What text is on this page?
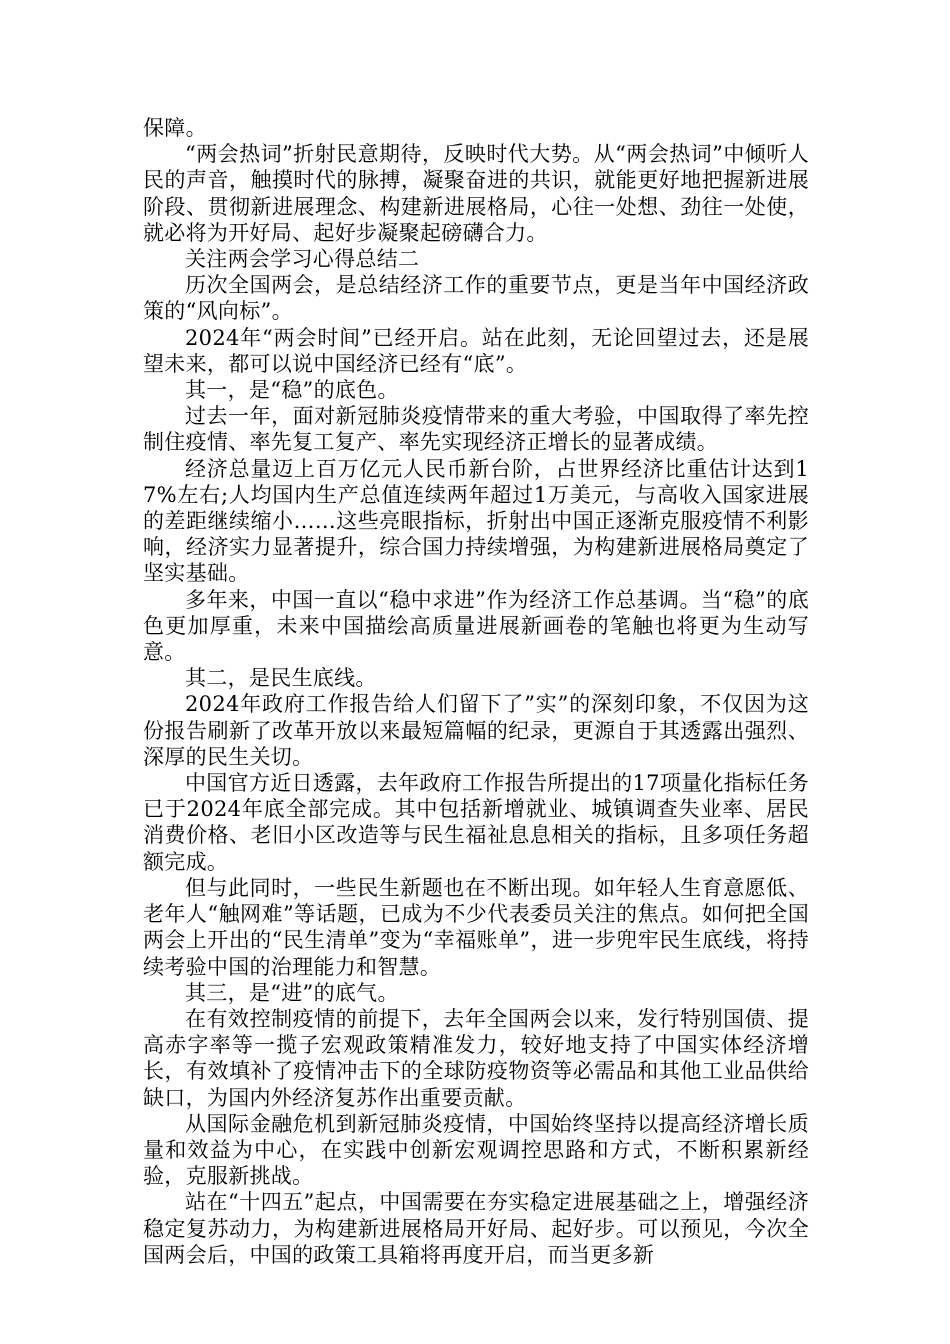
保障。

“两会热词”折射民意期待，反映时代大势。从“两会热词”中倾听人民的声音，触摸时代的脉搏，凝聚奋进的共识，就能更好地把握新进展阶段、贯彻新进展理念、构建新进展格局，心往一处想、劲往一处使，就必将为开好局、起好步凝聚起磅礴合力。

关注两会学习心得总结二

历次全国两会，是总结经济工作的重要节点，更是当年中国经济政策的“风向标”。

2024年“两会时间”已经开启。站在此刻，无论回望过去，还是展望未来，都可以说中国经济已经有“底”。

其一，是“稳”的底色。

过去一年，面对新冠肺炎疫情带来的重大考验，中国取得了率先控制住疫情、率先复工复产、率先实现经济正增长的显著成绩。

经济总量迈上百万亿元人民币新台阶，占世界经济比重估计达到17%左右;人均国内生产总值连续两年超过1万美元，与高收入国家进展的差距继续缩小……这些亮眼指标，折射出中国正逐渐克服疫情不利影响，经济实力显著提升，综合国力持续增强，为构建新进展格局奠定了坚实基础。

多年来，中国一直以“稳中求进”作为经济工作总基调。当“稳”的底色更加厚重，未来中国描绘高质量进展新画卷的笔触也将更为生动写意。

其二，是民生底线。

2024年政府工作报告给人们留下了”实”的深刻印象，不仅因为这份报告刷新了改革开放以来最短篇幅的纪录，更源自于其透露出强烈、深厚的民生关切。

中国官方近日透露，去年政府工作报告所提出的17项量化指标任务已于2024年底全部完成。其中包括新增就业、城镇调查失业率、居民消费价格、老旧小区改造等与民生福祉息息相关的指标，且多项任务超额完成。

但与此同时，一些民生新题也在不断出现。如年轻人生育意愿低、老年人“触网难”等话题，已成为不少代表委员关注的焦点。如何把全国两会上开出的“民生清单”变为“幸福账单”，进一步兜牢民生底线，将持续考验中国的治理能力和智慧。

其三，是“进”的底气。

在有效控制疫情的前提下，去年全国两会以来，发行特别国债、提高赤字率等一揽子宏观政策精准发力，较好地支持了中国实体经济增长，有效填补了疫情冲击下的全球防疫物资等必需品和其他工业品供给缺口，为国内外经济复苏作出重要贡献。

从国际金融危机到新冠肺炎疫情，中国始终坚持以提高经济增长质量和效益为中心，在实践中创新宏观调控思路和方式，不断积累新经验，克服新挑战。

站在“十四五”起点，中国需要在夯实稳定进展基础之上，增强经济稳定复苏动力，为构建新进展格局开好局、起好步。可以预见，今次全国两会后，中国的政策工具箱将再度开启，而当更多新
